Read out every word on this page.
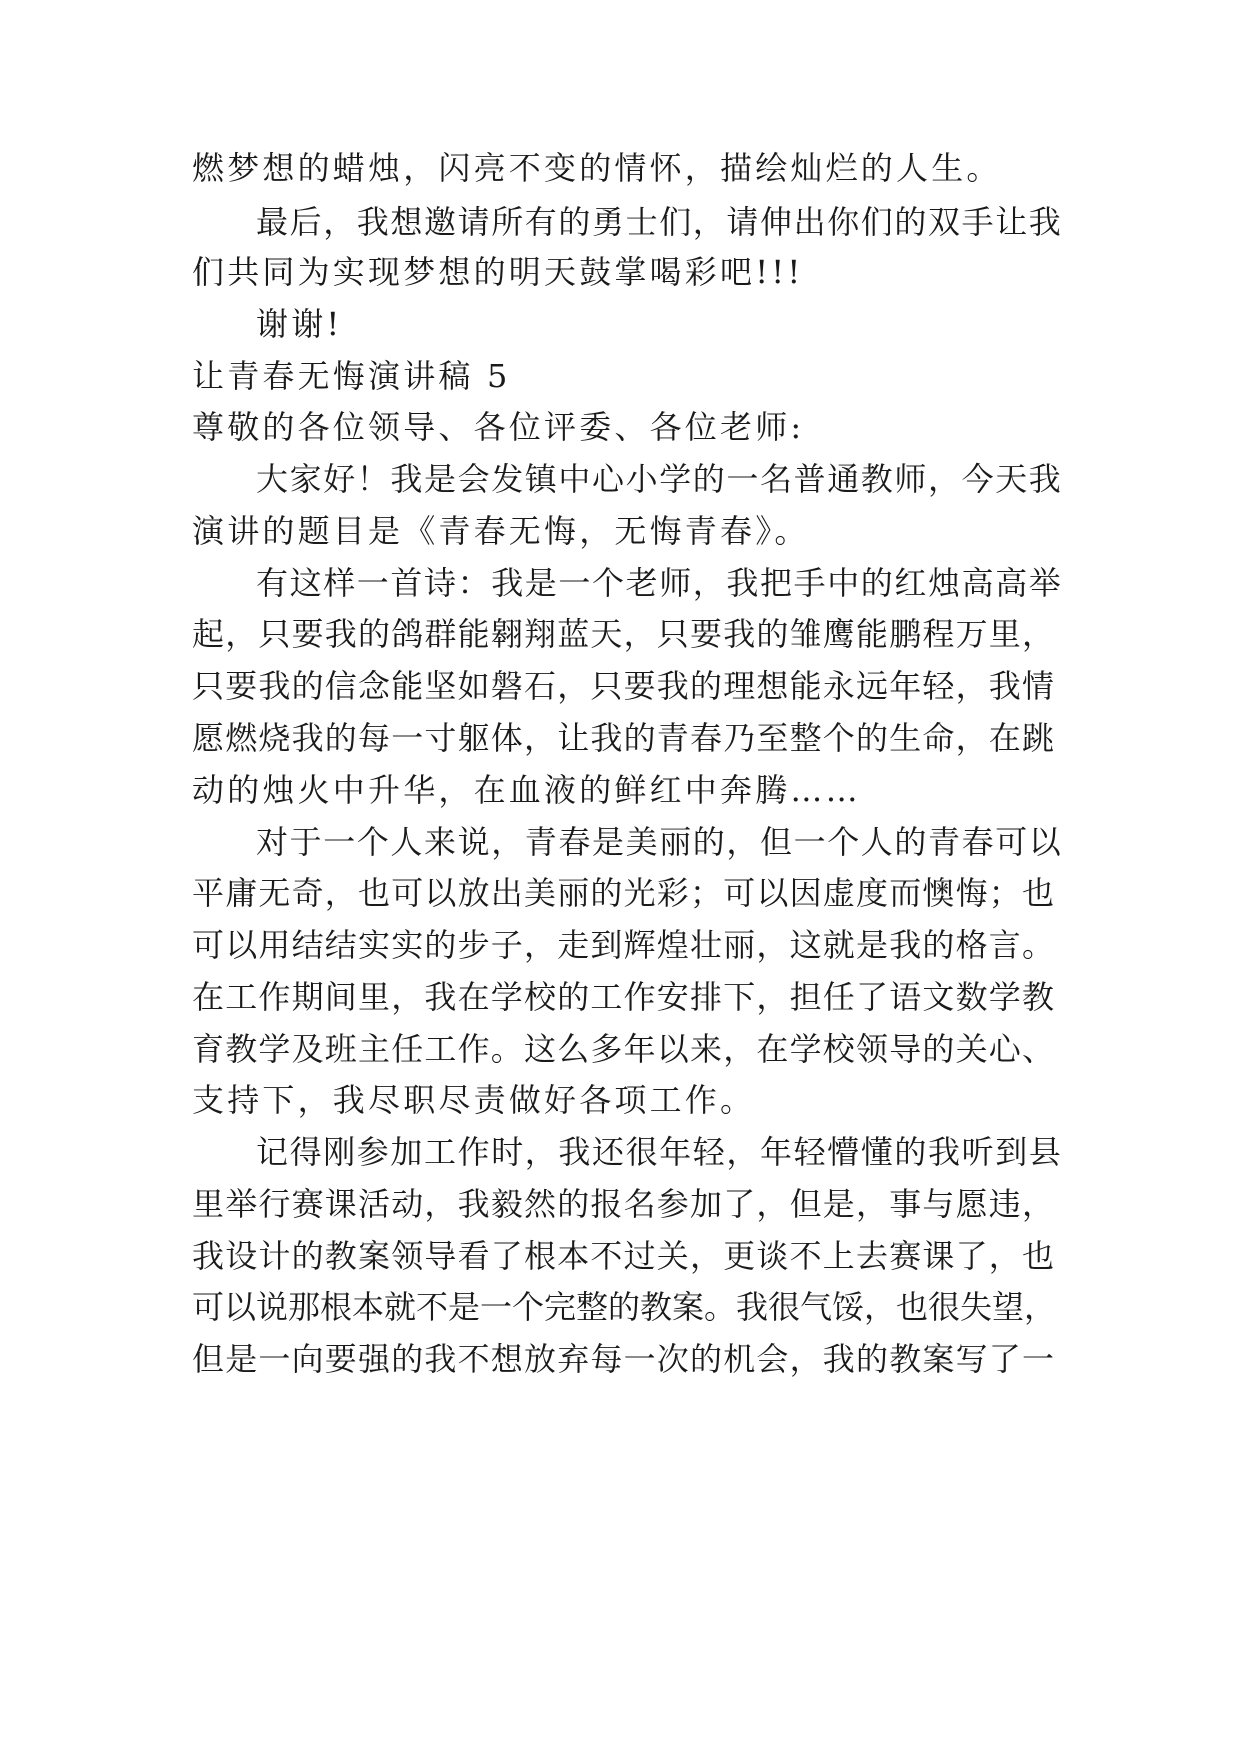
燃梦想的蜡烛，闪亮不变的情怀，描绘灿烂的人生。
最后，我想邀请所有的勇士们，请伸出你们的双手让我
们共同为实现梦想的明天鼓掌喝彩吧!!!
谢谢!
让青春无悔演讲稿 5
尊敬的各位领导、各位评委、各位老师:
大家好！我是会发镇中心小学的一名普通教师，今天我
演讲的题目是《青春无悔，无悔青春》。
有这样一首诗：我是一个老师，我把手中的红烛高高举
起，只要我的鸽群能翱翔蓝天，只要我的雏鹰能鹏程万里，
只要我的信念能坚如磐石，只要我的理想能永远年轻，我情
愿燃烧我的每一寸躯体，让我的青春乃至整个的生命，在跳
动的烛火中升华，在血液的鲜红中奔腾……
对于一个人来说，青春是美丽的，但一个人的青春可以
平庸无奇，也可以放出美丽的光彩；可以因虚度而懊悔；也
可以用结结实实的步子，走到辉煌壮丽，这就是我的格言。
在工作期间里，我在学校的工作安排下，担任了语文数学教
育教学及班主任工作。这么多年以来，在学校领导的关心、
支持下，我尽职尽责做好各项工作。
记得刚参加工作时，我还很年轻，年轻懵懂的我听到县
里举行赛课活动，我毅然的报名参加了，但是，事与愿违，
我设计的教案领导看了根本不过关，更谈不上去赛课了，也
可以说那根本就不是一个完整的教案。我很气馁，也很失望，
但是一向要强的我不想放弃每一次的机会，我的教案写了一
